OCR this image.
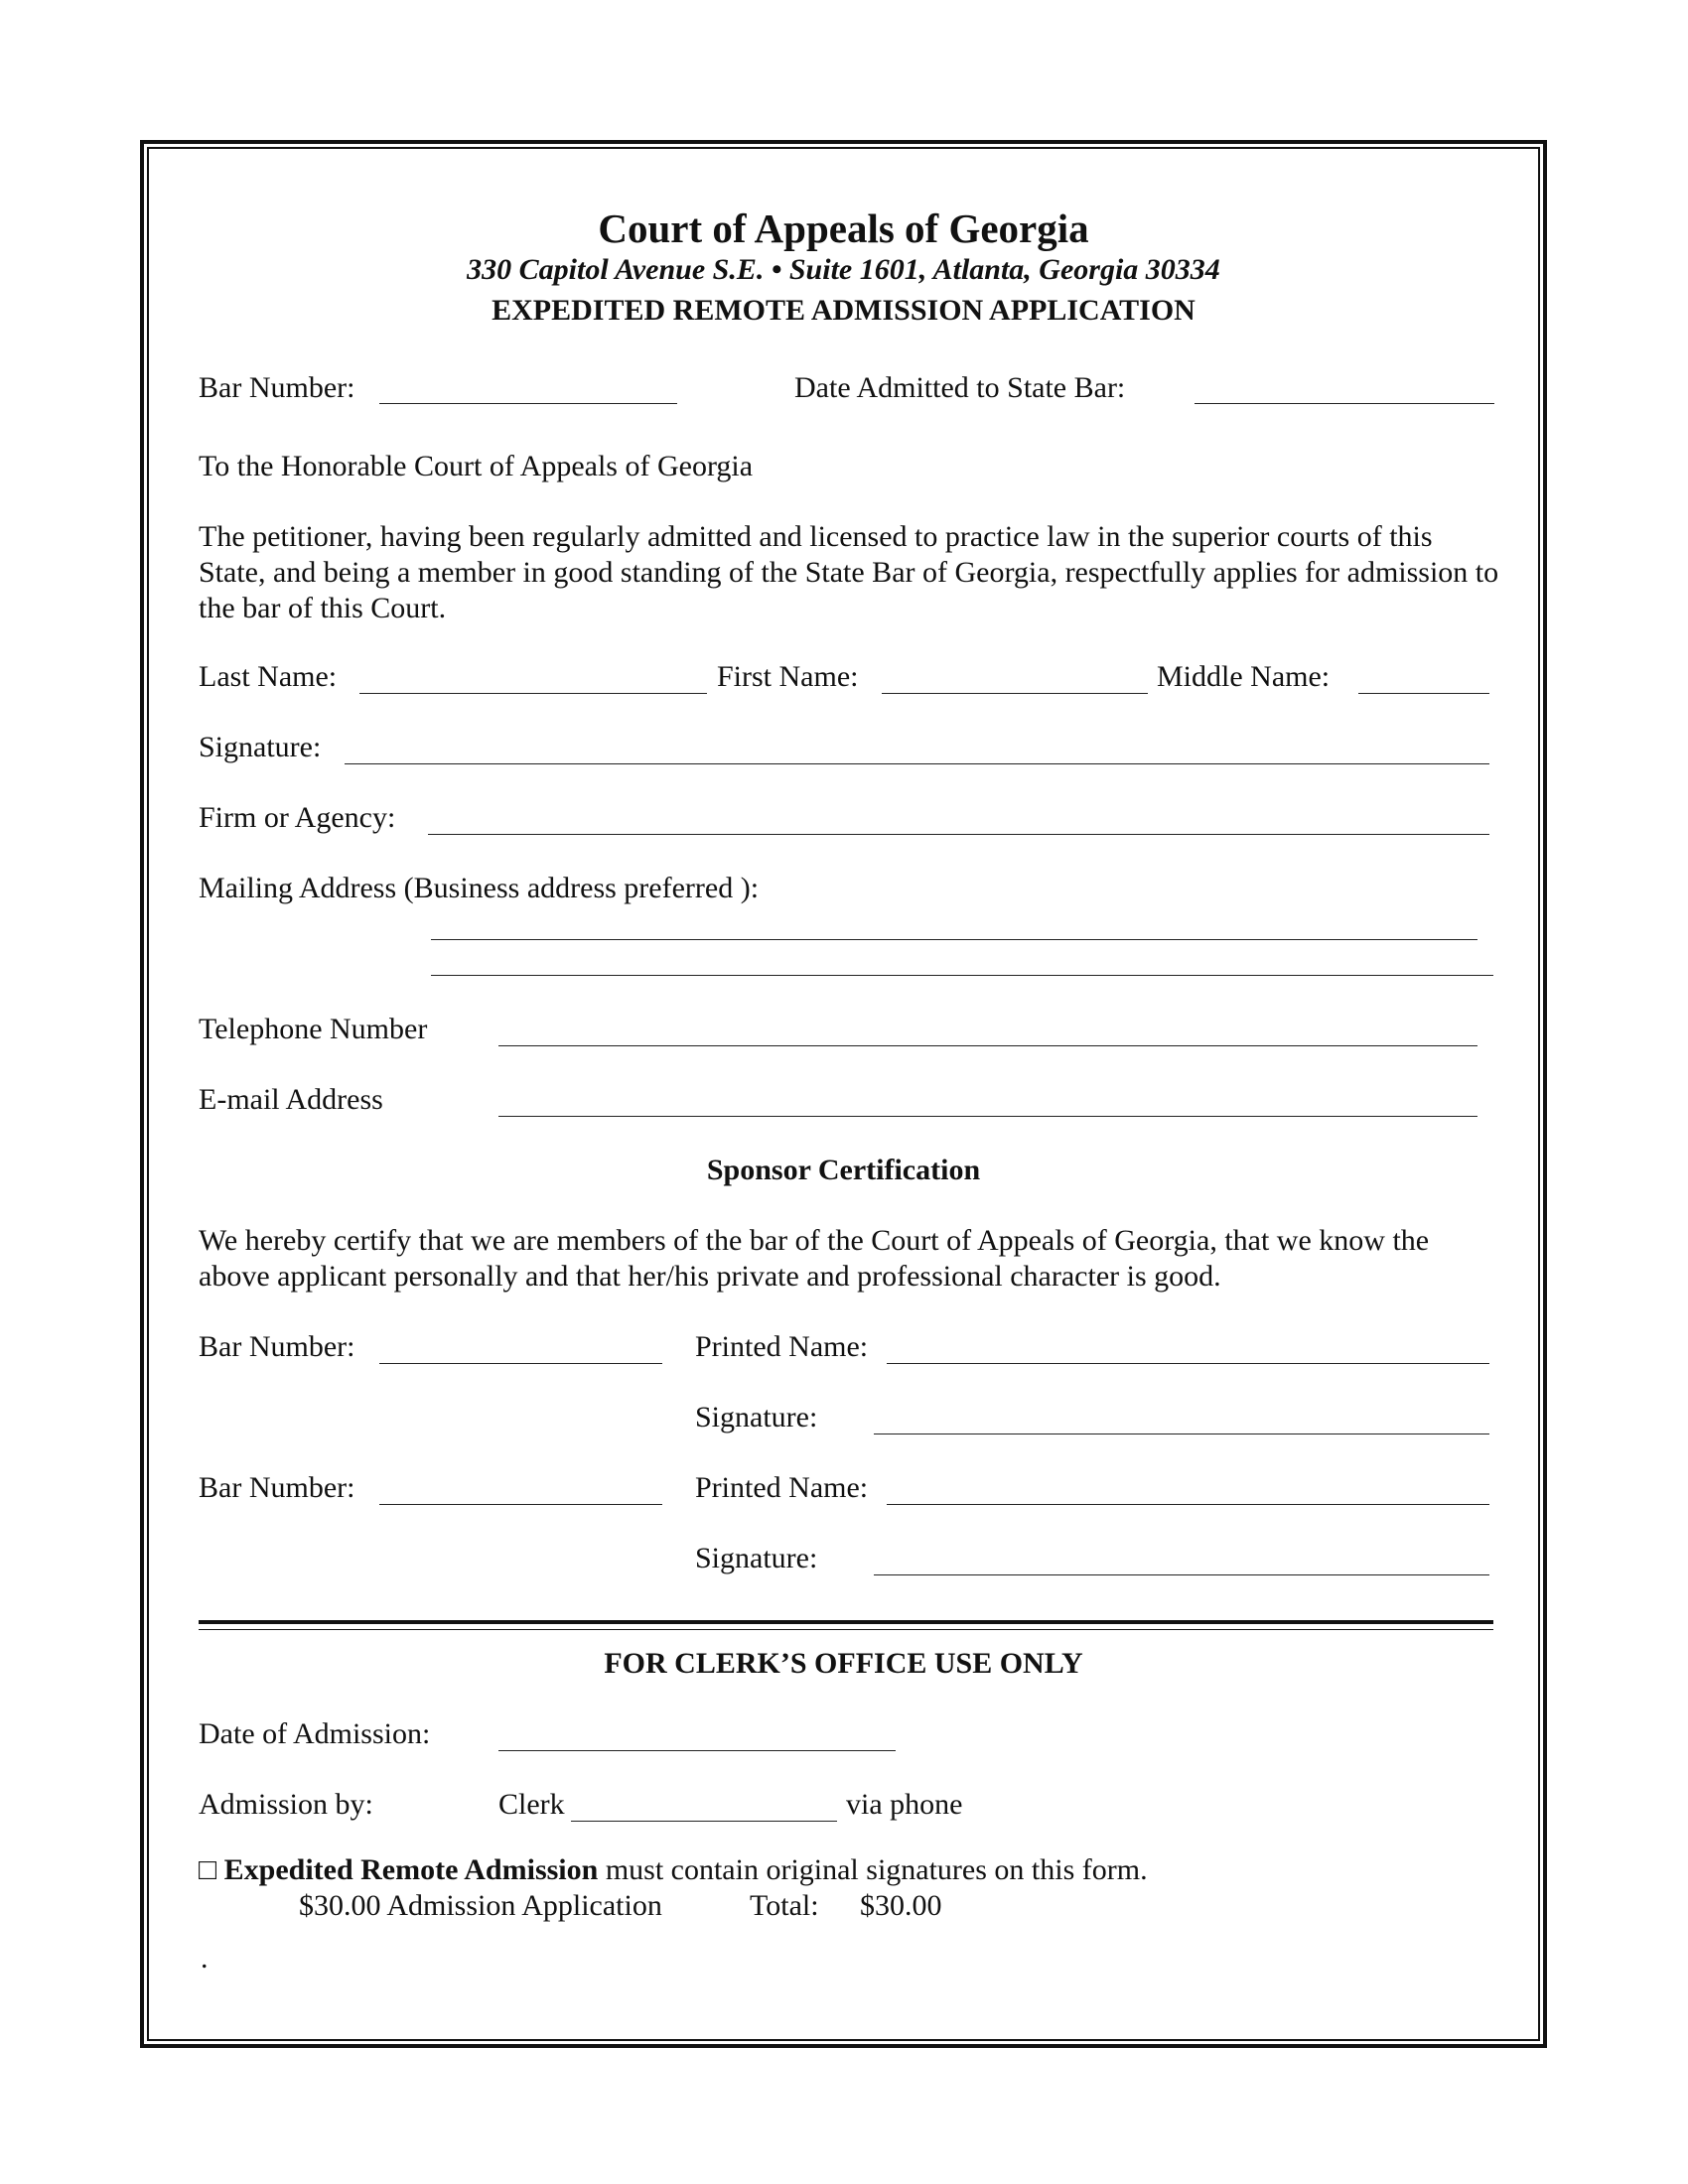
Court of Appeals of Georgia
330 Capitol Avenue S.E. • Suite 1601, Atlanta, Georgia 30334
EXPEDITED REMOTE ADMISSION APPLICATION
Bar Number:	Date Admitted to State Bar:
To the Honorable Court of Appeals of Georgia
The petitioner, having been regularly admitted and licensed to practice law in the superior courts of this State, and being a member in good standing of the State Bar of Georgia, respectfully applies for admission to the bar of this Court.
Last Name:	First Name:	Middle Name:
Signature:
Firm or Agency:
Mailing Address (Business address preferred ):
Telephone Number
E-mail Address
Sponsor Certification
We hereby certify that we are members of the bar of the Court of Appeals of Georgia, that we know the above applicant personally and that her/his private and professional character is good.
Bar Number:	Printed Name:
Signature:
Bar Number:	Printed Name:
Signature:
FOR CLERK’S OFFICE USE ONLY
Date of Admission:
Admission by:	Clerk	via phone
□ Expedited Remote Admission must contain original signatures on this form.
$30.00 Admission Application	Total: $30.00
.
